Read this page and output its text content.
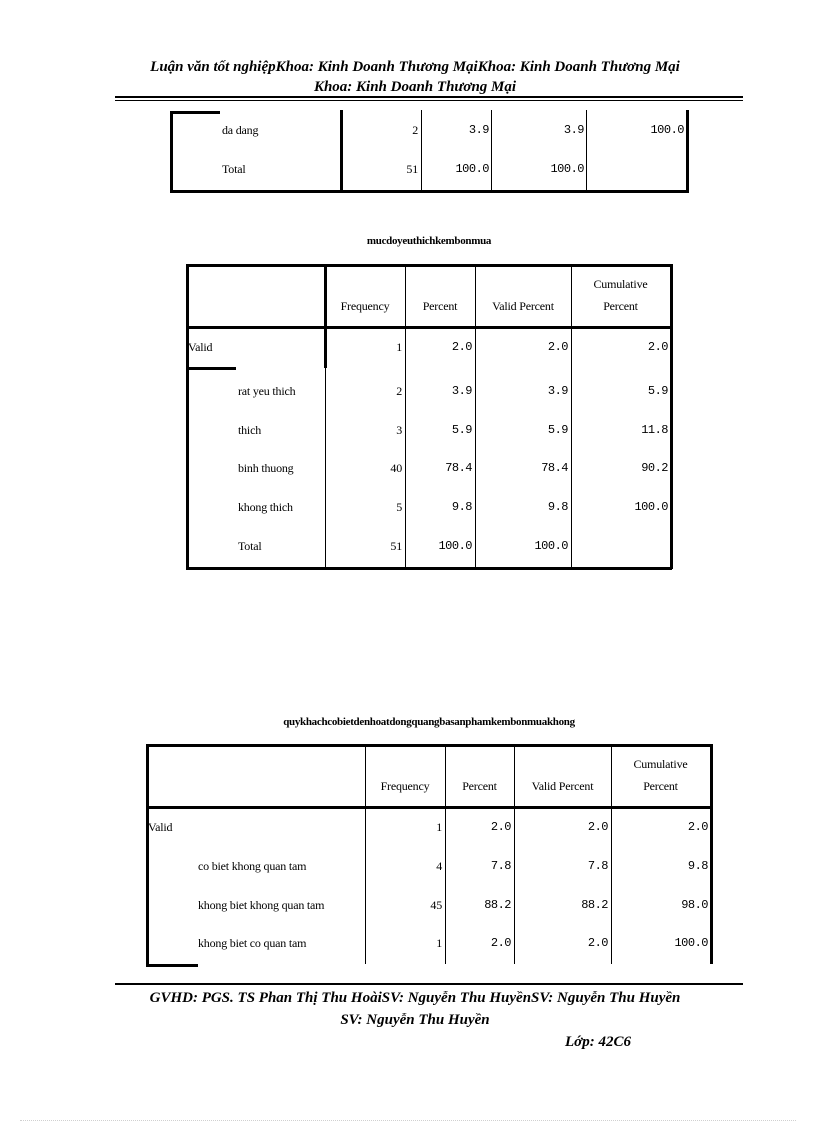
Luận văn tốt nghiệpKhoa: Kinh Doanh Thương MạiKhoa: Kinh Doanh Thương Mại
Khoa: Kinh Doanh Thương Mại
da dang	2	3.9	3.9	100.0
Total	51	100.0	100.0
mucdoyeuthichkembonmua
Frequency	Percent	Valid Percent
Cumulative
Percent
Valid	1	2.0	2.0	2.0
rat yeu thich	2	3.9	3.9	5.9
thich	3	5.9	5.9	11.8
binh thuong	40	78.4	78.4	90.2
khong thich	5	9.8	9.8	100.0
Total	51	100.0	100.0
quykhachcobietdenhoatdongquangbasanphamkembonmuakhong
Frequency	Percent	Valid Percent
Cumulative
Percent
Valid	1	2.0	2.0	2.0
co biet khong quan tam	4	7.8	7.8	9.8
khong biet khong quan tam	45	88.2	88.2	98.0
khong biet co quan tam	1	2.0	2.0	100.0
GVHD: PGS. TS Phan Thị Thu HoàiSV: Nguyễn Thu HuyềnSV: Nguyễn Thu Huyền
SV: Nguyễn Thu Huyền
Lớp: 42C6
